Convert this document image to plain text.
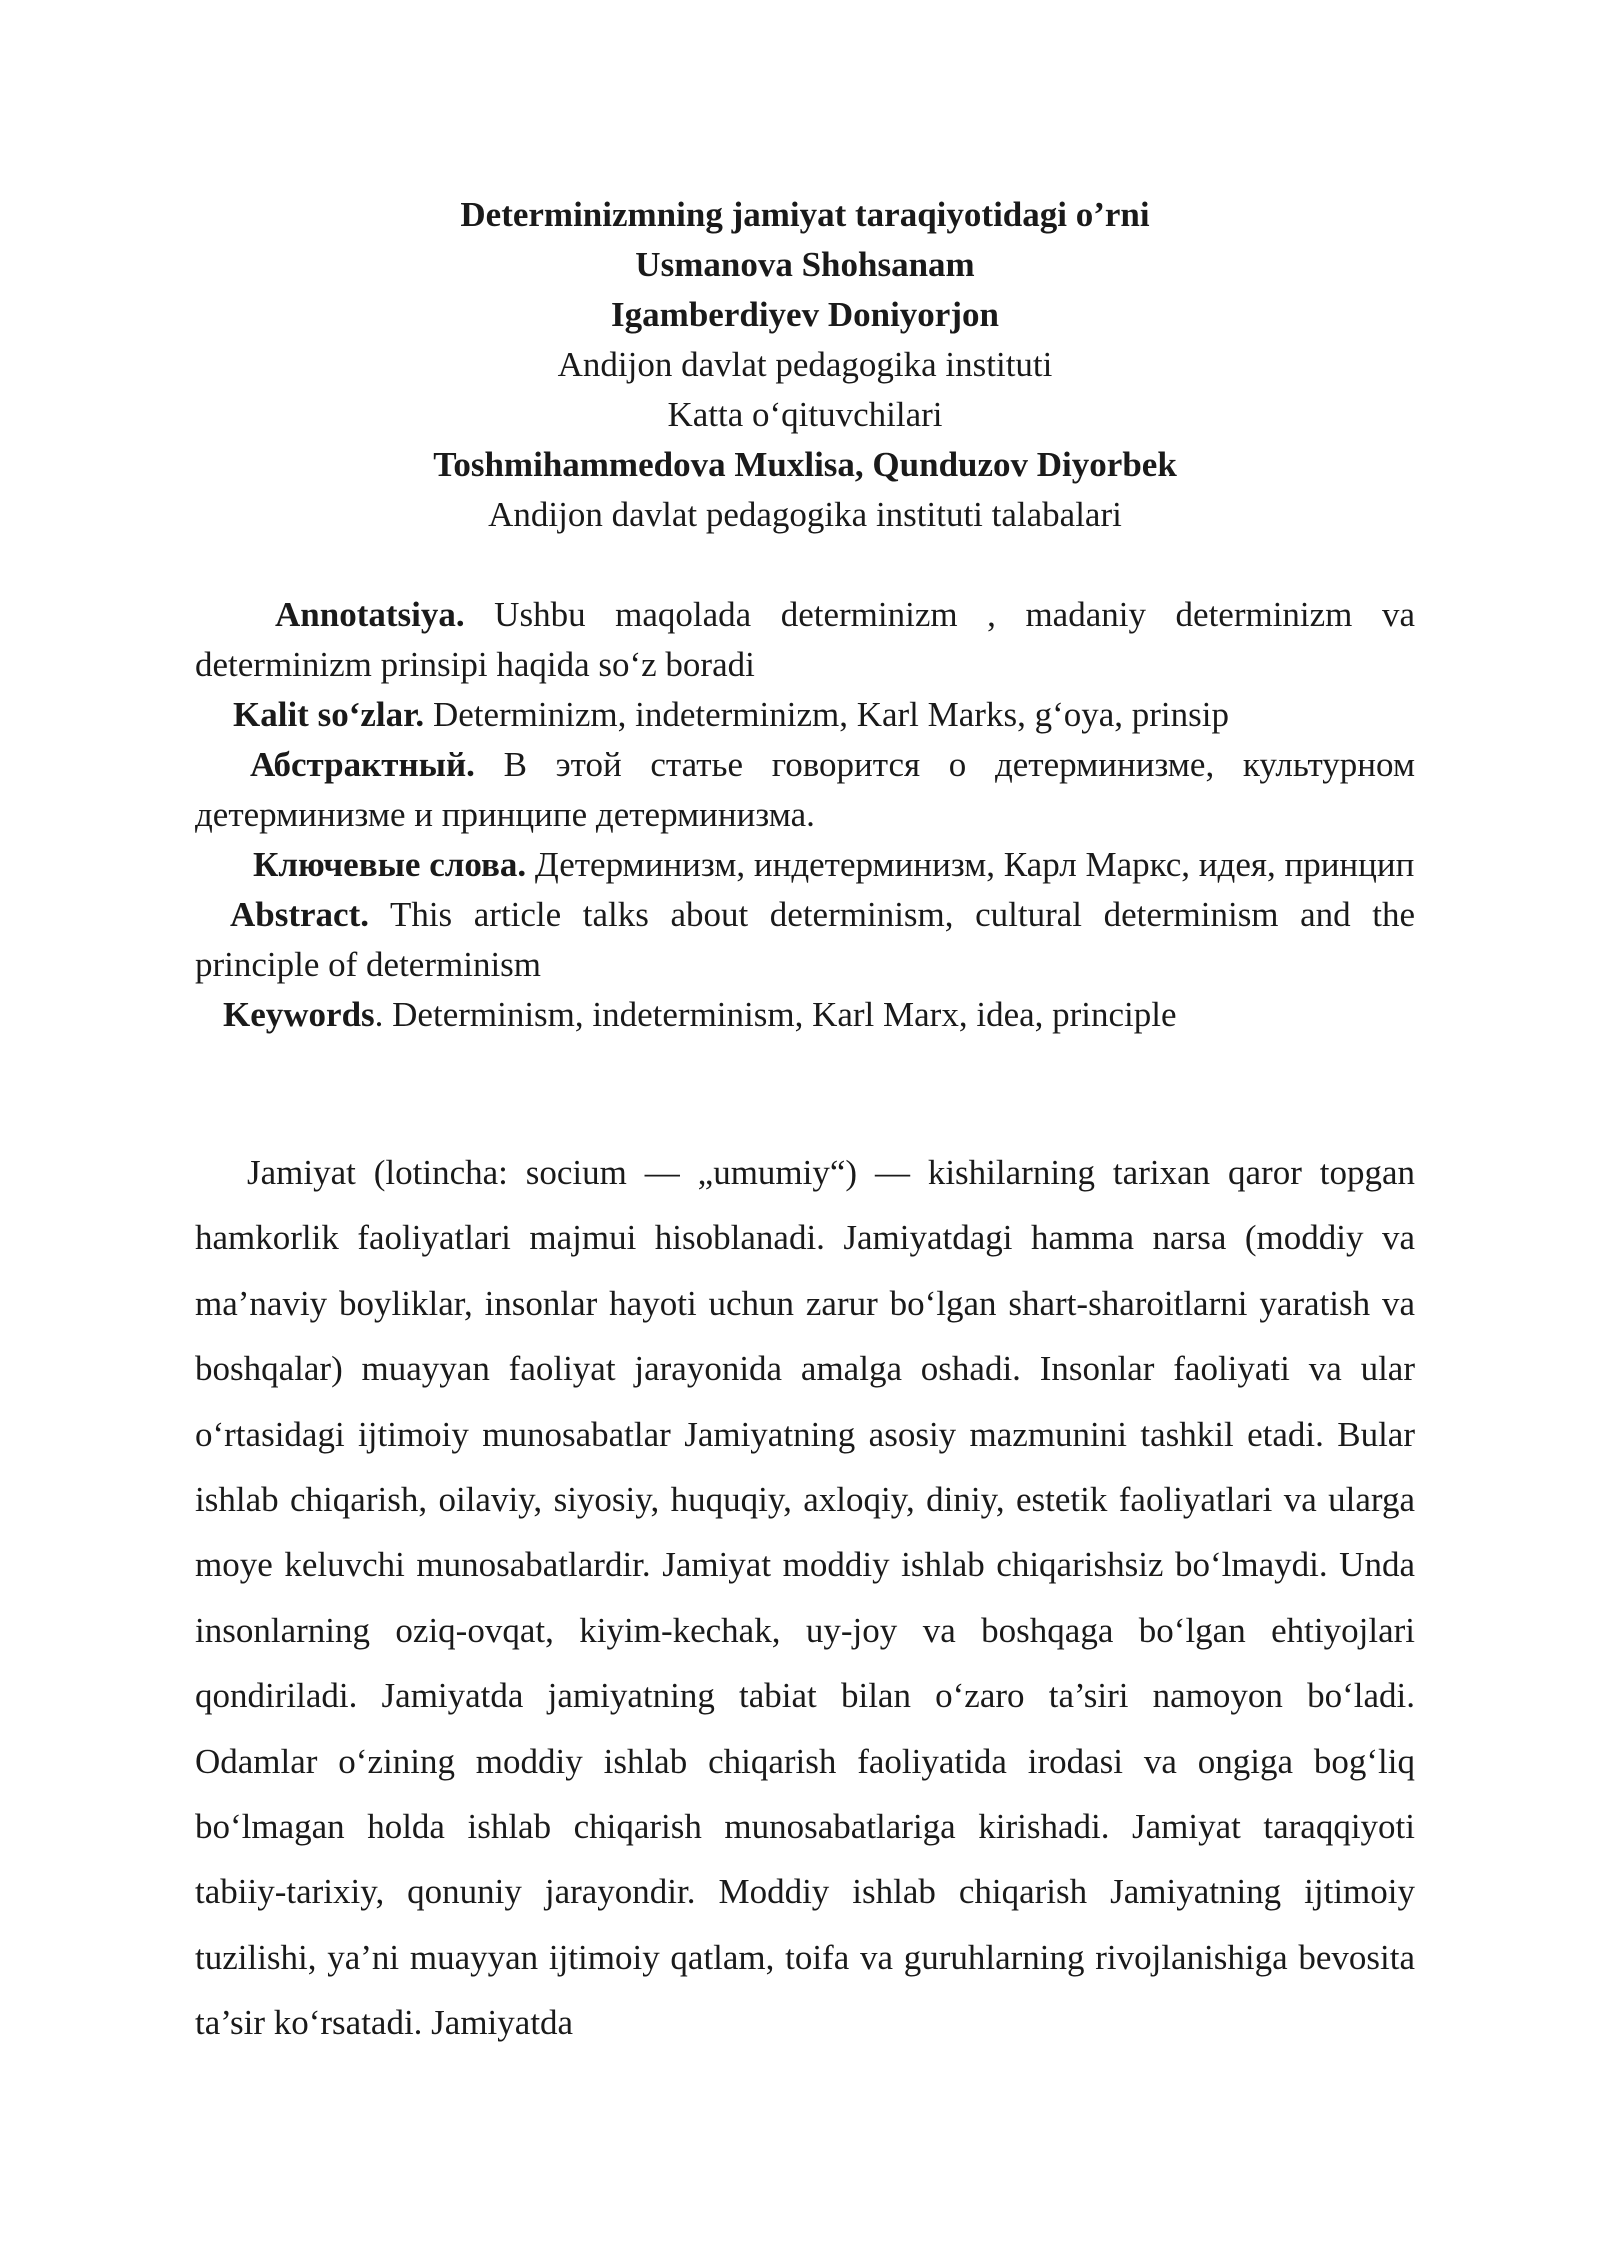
Determinizmning jamiyat taraqiyotidagi o’rni
Usmanova Shohsanam
Igamberdiyev Doniyorjon
Andijon davlat pedagogika instituti
Katta o‘qituvchilari
Toshmihammedova Muxlisa, Qunduzov Diyorbek
Andijon davlat pedagogika instituti talabalari

Annotatsiya. Ushbu maqolada determinizm , madaniy determinizm va determinizm prinsipi haqida so‘z boradi

Kalit so‘zlar. Determinizm, indeterminizm, Karl Marks, g‘oya, prinsip

Абстрактный. В этой статье говорится о детерминизме, культурном детерминизме и принципе детерминизма.

Ключевые слова. Детерминизм, индетерминизм, Карл Маркс, идея, принцип

Abstract. This article talks about determinism, cultural determinism and the principle of determinism

Keywords. Determinism, indeterminism, Karl Marx, idea, principle

Jamiyat (lotincha: socium — „umumiy“) — kishilarning tarixan qaror topgan hamkorlik faoliyatlari majmui hisoblanadi. Jamiyatdagi hamma narsa (moddiy va ma’naviy boyliklar, insonlar hayoti uchun zarur bo‘lgan shart-sharoitlarni yaratish va boshqalar) muayyan faoliyat jarayonida amalga oshadi. Insonlar faoliyati va ular o‘rtasidagi ijtimoiy munosabatlar Jamiyatning asosiy mazmunini tashkil etadi. Bular ishlab chiqarish, oilaviy, siyosiy, huquqiy, axloqiy, diniy, estetik faoliyatlari va ularga moye keluvchi munosabatlardir. Jamiyat moddiy ishlab chiqarishsiz bo‘lmaydi. Unda insonlarning oziq-ovqat, kiyim-kechak, uy-joy va boshqaga bo‘lgan ehtiyojlari qondiriladi. Jamiyatda jamiyatning tabiat bilan o‘zaro ta’siri namoyon bo‘ladi. Odamlar o‘zining moddiy ishlab chiqarish faoliyatida irodasi va ongiga bog‘liq bo‘lmagan holda ishlab chiqarish munosabatlariga kirishadi. Jamiyat taraqqiyoti tabiiy-tarixiy, qonuniy jarayondir. Moddiy ishlab chiqarish Jamiyatning ijtimoiy tuzilishi, ya’ni muayyan ijtimoiy qatlam, toifa va guruhlarning rivojlanishiga bevosita ta’sir ko‘rsatadi. Jamiyatda
